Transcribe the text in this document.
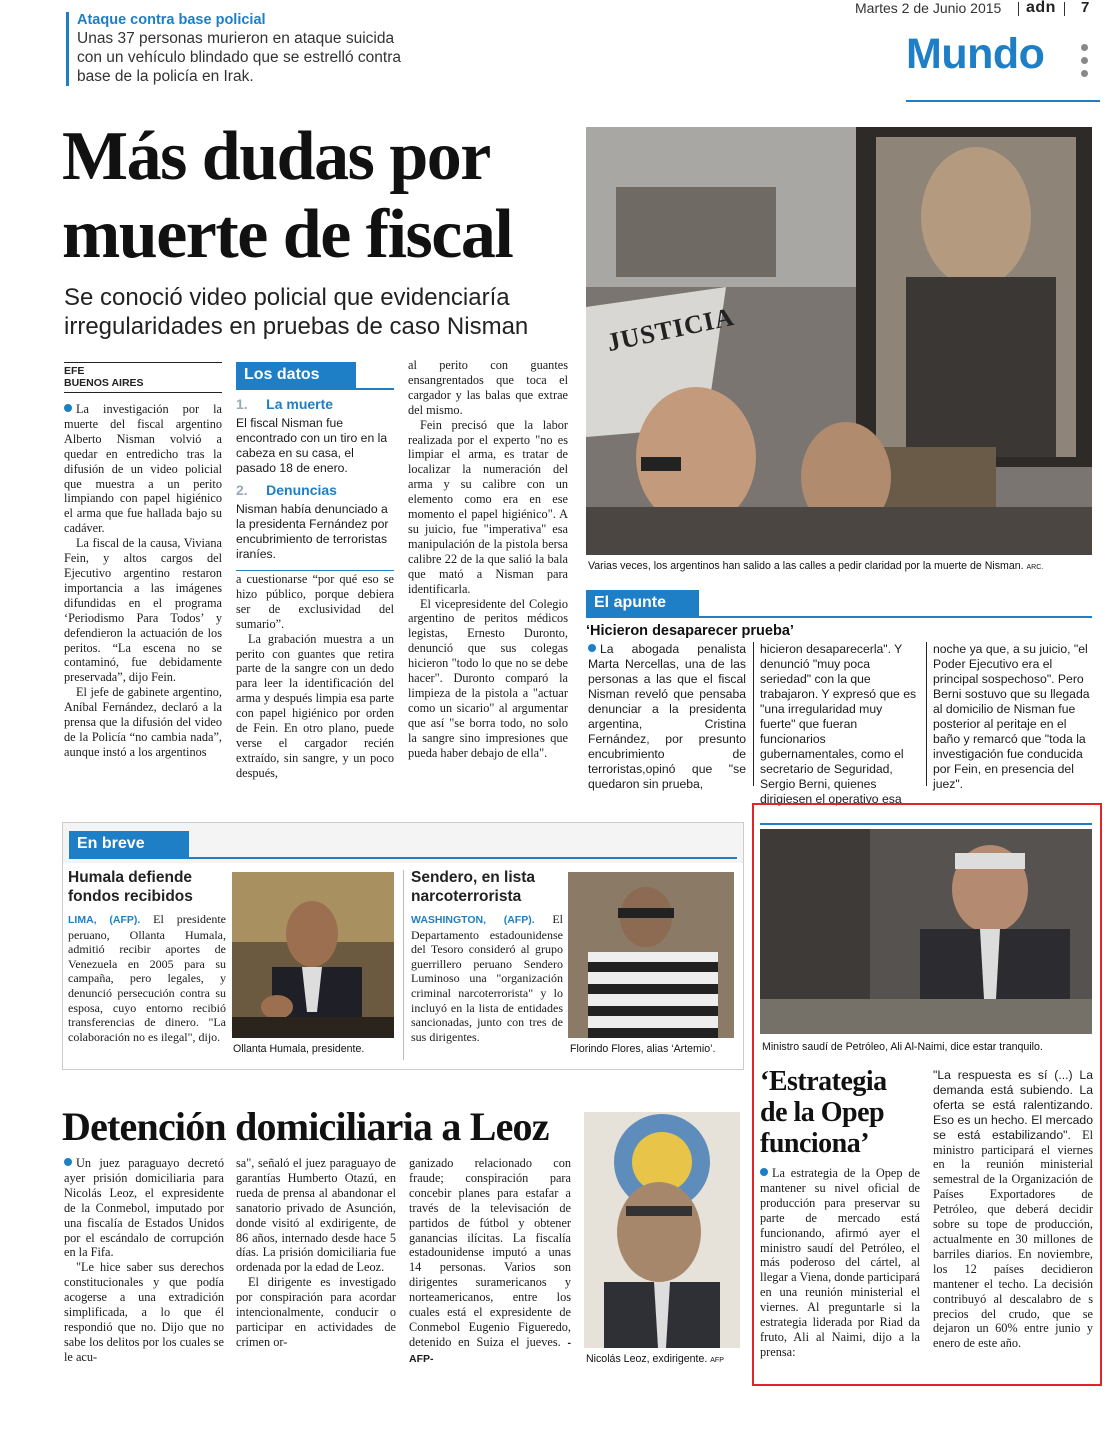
Ataque contra base policial
Unas 37 personas murieron en ataque suicida con un vehículo blindado que se estrelló contra base de la policía en Irak.
Martes 2 de Junio 2015 adn 7
Mundo
Más dudas por
muerte de fiscal
Se conoció video policial que evidenciaría
irregularidades en pruebas de caso Nisman
EFE
BUENOS AIRES

La investigación por la muerte del fiscal argentino Alberto Nisman volvió a quedar en entredicho tras la difusión de un video policial que muestra a un perito limpiando con papel higiénico el arma que fue hallada bajo su cadáver.

La fiscal de la causa, Viviana Fein, y altos cargos del Ejecutivo argentino restaron importancia a las imágenes difundidas en el programa ‘Periodismo Para Todos’ y defendieron la actuación de los peritos. “La escena no se contaminó, fue debidamente preservada”, dijo Fein.

El jefe de gabinete argentino, Aníbal Fernández, declaró a la prensa que la difusión del video de la Policía “no cambia nada”, aunque instó a los argentinos

Los datos
1. La muerte
El fiscal Nisman fue encontrado con un tiro en la cabeza en su casa, el pasado 18 de enero.
2. Denuncias
Nisman había denunciado a la presidenta Fernández por encubrimiento de terroristas iraníes.

a cuestionarse “por qué eso se hizo público, porque debiera ser de exclusividad del sumario”.

La grabación muestra a un perito con guantes que retira parte de la sangre con un dedo para leer la identificación del arma y después limpia esa parte con papel higiénico por orden de Fein. En otro plano, puede verse el cargador recién extraído, sin sangre, y un poco después,

al perito con guantes ensangrentados que toca el cargador y las balas que extrae del mismo.

Fein precisó que la labor realizada por el experto "no es limpiar el arma, es tratar de localizar la numeración del arma y su calibre con un elemento como era en ese momento el papel higiénico". A su juicio, fue "imperativa" esa manipulación de la pistola bersa calibre 22 de la que salió la bala que mató a Nisman para identificarla.

El vicepresidente del Colegio argentino de peritos médicos legistas, Ernesto Duronto, denunció que sus colegas hicieron "todo lo que no se debe hacer". Duronto comparó la limpieza de la pistola a "actuar como un sicario" al argumentar que así "se borra todo, no solo la sangre sino impresiones que pueda haber debajo de ella".

JUSTICIA
Varias veces, los argentinos han salido a las calles a pedir claridad por la muerte de Nisman. ARC.
El apunte
‘Hicieron desaparecer prueba’
La abogada penalista Marta Nercellas, una de las personas a las que el fiscal Nisman reveló que pensaba denunciar a la presidenta argentina, Cristina Fernández, por presunto encubrimiento de terroristas,opinó que "se quedaron sin prueba,
hicieron desaparecerla". Y denunció "muy poca seriedad" con la que trabajaron. Y expresó que es "una irregularidad muy fuerte" que fueran funcionarios gubernamentales, como el secretario de Seguridad, Sergio Berni, quienes dirigiesen el operativo esa
noche ya que, a su juicio, "el Poder Ejecutivo era el principal sospechoso". Pero Berni sostuvo que su llegada al domicilio de Nisman fue posterior al peritaje en el baño y remarcó que "toda la investigación fue conducida por Fein, en presencia del juez".
En breve
Humala defiende fondos recibidos
LIMA, (AFP). El presidente peruano, Ollanta Humala, admitió recibir aportes de Venezuela en 2005 para su campaña, pero legales, y denunció persecución contra su esposa, cuyo entorno recibió transferencias de dinero. "La colaboración no es ilegal", dijo.
Ollanta Humala, presidente.
Sendero, en lista narcoterrorista
WASHINGTON, (AFP). El Departamento estadounidense del Tesoro consideró al grupo guerrillero peruano Sendero Luminoso una "organización criminal narcoterrorista" y lo incluyó en la lista de entidades sancionadas, junto con tres de sus dirigentes.
Florindo Flores, alias ‘Artemio’.
Detención domiciliaria a Leoz

Un juez paraguayo decretó ayer prisión domiciliaria para Nicolás Leoz, el expresidente de la Conmebol, imputado por una fiscalía de Estados Unidos por el escándalo de corrupción en la Fifa.

"Le hice saber sus derechos constitucionales y que podía acogerse a una extradición simplificada, a lo que él respondió que no. Dijo que no sabe los delitos por los cuales se le acu-

sa", señaló el juez paraguayo de garantías Humberto Otazú, en rueda de prensa al abandonar el sanatorio privado de Asunción, donde visitó al exdirigente, de 86 años, internado desde hace 5 días. La prisión domiciliaria fue ordenada por la edad de Leoz.

El dirigente es investigado por conspiración para acordar intencionalmente, conducir o participar en actividades de crimen or-

ganizado relacionado con fraude; conspiración para concebir planes para estafar a través de la televisación de partidos de fútbol y obtener ganancias ilícitas. La fiscalía estadounidense imputó a unas 14 personas. Varios son dirigentes suramericanos y norteamericanos, entre los cuales está el expresidente de Conmebol Eugenio Figueredo, detenido en Suiza el jueves. -AFP-	Nicolás Leoz, exdirigente. AFP
Ministro saudí de Petróleo, Ali Al-Naimi, dice estar tranquilo.
‘Estrategia
de la Opep
funciona’
La estrategia de la Opep de mantener su nivel oficial de producción para preservar su parte de mercado está funcionando, afirmó ayer el ministro saudí del Petróleo, el más poderoso del cártel, al llegar a Viena, donde participará en una reunión ministerial el viernes. Al preguntarle si la estrategia liderada por Riad da fruto, Ali al Naimi, dijo a la prensa:
"La respuesta es sí (...) La demanda está subiendo. La oferta se está ralentizando. Eso es un hecho. El mercado se está estabilizando". El ministro participará el viernes en la reunión ministerial semestral de la Organización de Países Exportadores de Petróleo, que deberá decidir sobre su tope de producción, actualmente en 30 millones de barriles diarios. En noviembre, los 12 países decidieron mantener el techo. La decisión contribuyó al descalabro de s precios del crudo, que se dejaron un 60% entre junio y enero de este año.
